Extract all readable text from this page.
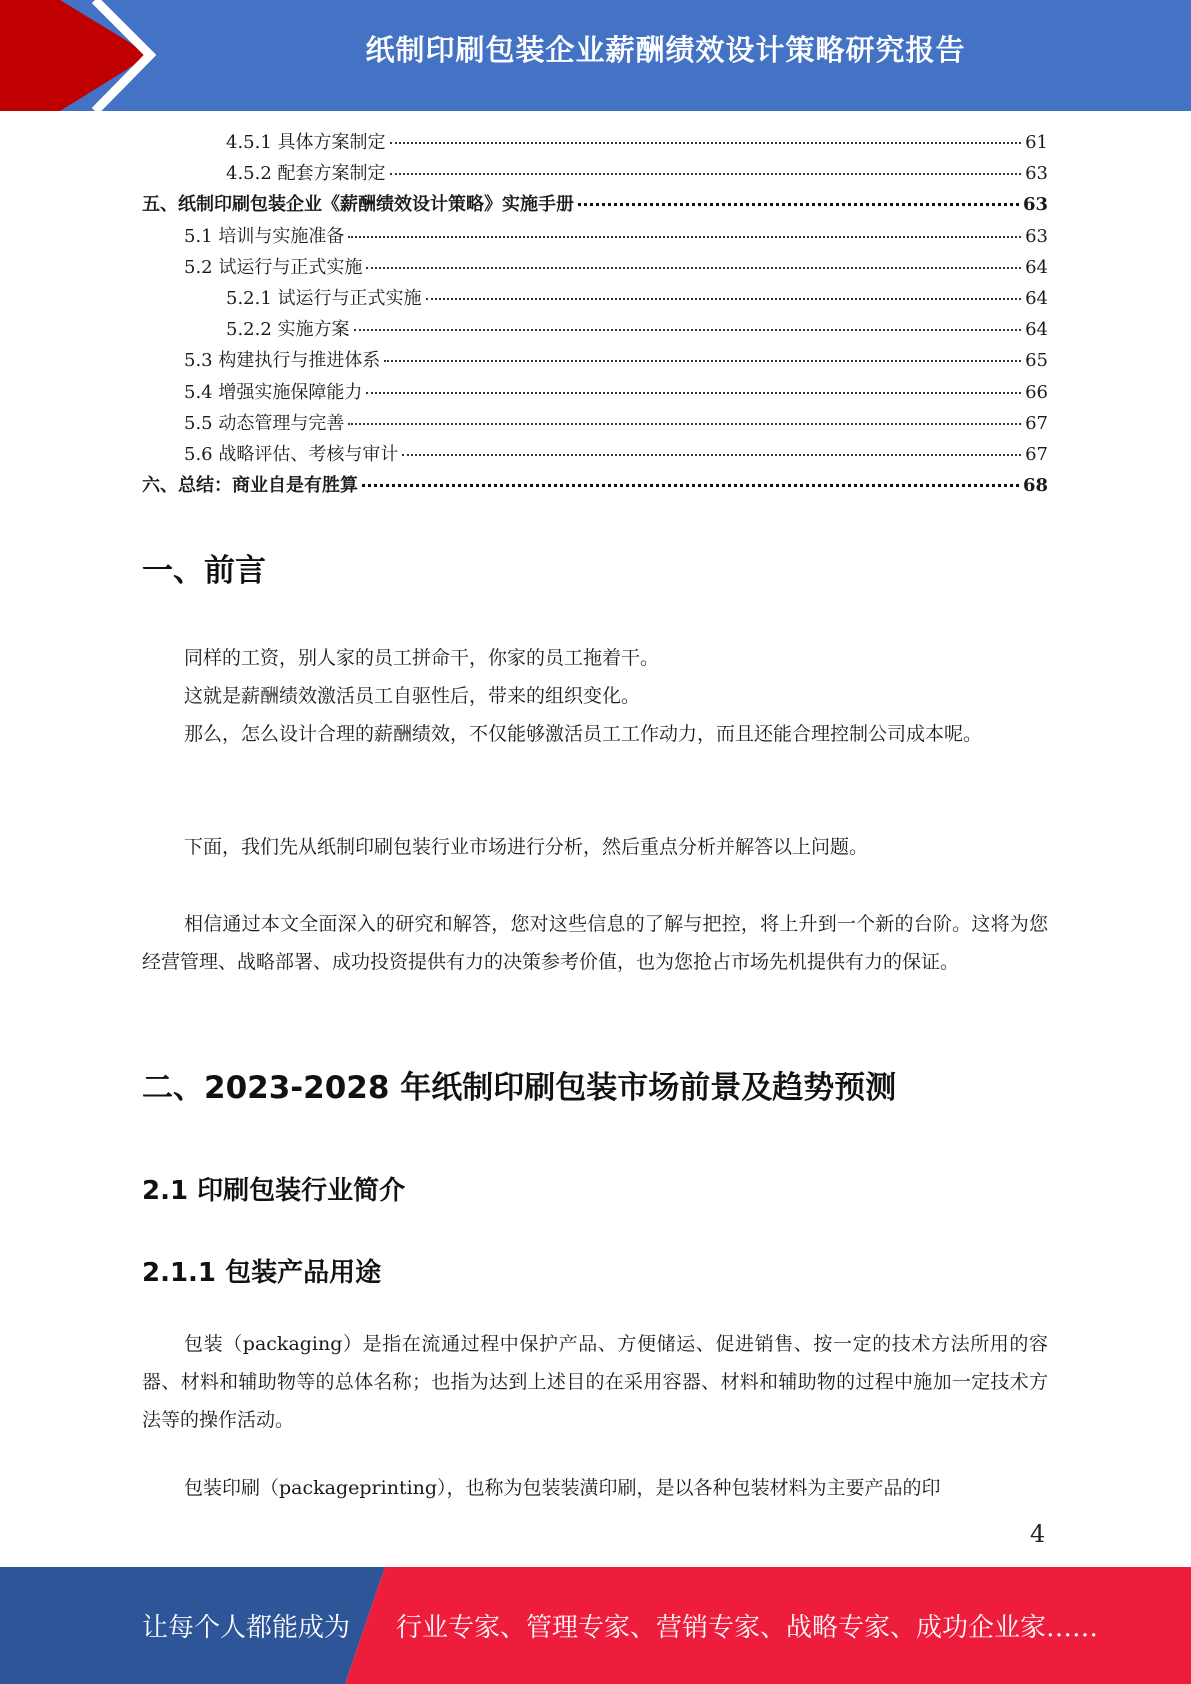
纸制印刷包装企业薪酬绩效设计策略研究报告
4.5.1 具体方案制定	61
4.5.2 配套方案制定	63
五、纸制印刷包装企业《薪酬绩效设计策略》实施手册	63
5.1 培训与实施准备	63
5.2 试运行与正式实施	64
5.2.1 试运行与正式实施	64
5.2.2 实施方案	64
5.3 构建执行与推进体系	65
5.4 增强实施保障能力	66
5.5 动态管理与完善	67
5.6 战略评估、考核与审计	67
六、总结：商业自是有胜算	68
一、前言
同样的工资，别人家的员工拼命干，你家的员工拖着干。
这就是薪酬绩效激活员工自驱性后，带来的组织变化。
那么，怎么设计合理的薪酬绩效，不仅能够激活员工工作动力，而且还能合理控制公司成本呢。
下面，我们先从纸制印刷包装行业市场进行分析，然后重点分析并解答以上问题。
相信通过本文全面深入的研究和解答，您对这些信息的了解与把控，将上升到一个新的台阶。这将为您经营管理、战略部署、成功投资提供有力的决策参考价值，也为您抢占市场先机提供有力的保证。
二、2023-2028 年纸制印刷包装市场前景及趋势预测
2.1 印刷包装行业简介
2.1.1 包装产品用途
包装（packaging）是指在流通过程中保护产品、方便储运、促进销售、按一定的技术方法所用的容器、材料和辅助物等的总体名称；也指为达到上述目的在采用容器、材料和辅助物的过程中施加一定技术方法等的操作活动。
包装印刷（packageprinting），也称为包装装潢印刷，是以各种包装材料为主要产品的印
4
让每个人都能成为 行业专家、管理专家、营销专家、战略专家、成功企业家……
